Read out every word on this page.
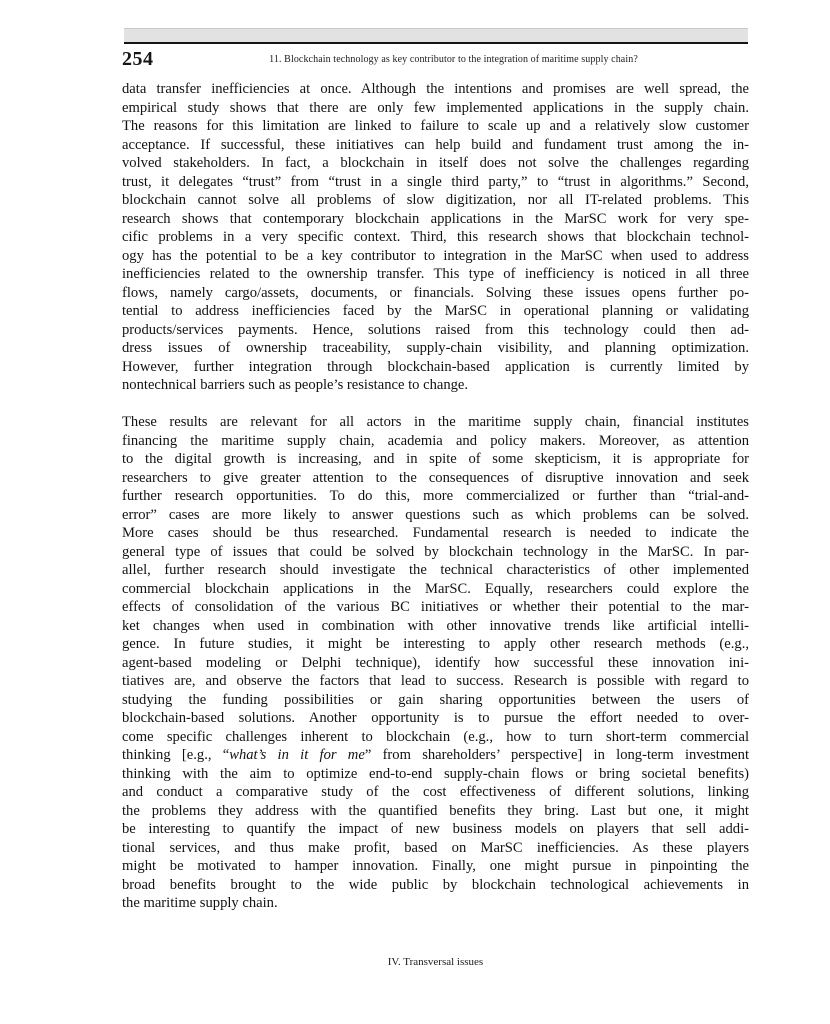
254	11. Blockchain technology as key contributor to the integration of maritime supply chain?
data transfer inefficiencies at once. Although the intentions and promises are well spread, the
empirical study shows that there are only few implemented applications in the supply chain.
The reasons for this limitation are linked to failure to scale up and a relatively slow customer
acceptance. If successful, these initiatives can help build and fundament trust among the in-
volved stakeholders. In fact, a blockchain in itself does not solve the challenges regarding
trust, it delegates “trust” from “trust in a single third party,” to “trust in algorithms.” Second,
blockchain cannot solve all problems of slow digitization, nor all IT-related problems. This
research shows that contemporary blockchain applications in the MarSC work for very spe-
cific problems in a very specific context. Third, this research shows that blockchain technol-
ogy has the potential to be a key contributor to integration in the MarSC when used to address
inefficiencies related to the ownership transfer. This type of inefficiency is noticed in all three
flows, namely cargo/assets, documents, or financials. Solving these issues opens further po-
tential to address inefficiencies faced by the MarSC in operational planning or validating
products/services payments. Hence, solutions raised from this technology could then ad-
dress issues of ownership traceability, supply-chain visibility, and planning optimization.
However, further integration through blockchain-based application is currently limited by
nontechnical barriers such as people’s resistance to change.
These results are relevant for all actors in the maritime supply chain, financial institutes
financing the maritime supply chain, academia and policy makers. Moreover, as attention
to the digital growth is increasing, and in spite of some skepticism, it is appropriate for
researchers to give greater attention to the consequences of disruptive innovation and seek
further research opportunities. To do this, more commercialized or further than “trial-and-
error” cases are more likely to answer questions such as which problems can be solved.
More cases should be thus researched. Fundamental research is needed to indicate the
general type of issues that could be solved by blockchain technology in the MarSC. In par-
allel, further research should investigate the technical characteristics of other implemented
commercial blockchain applications in the MarSC. Equally, researchers could explore the
effects of consolidation of the various BC initiatives or whether their potential to the mar-
ket changes when used in combination with other innovative trends like artificial intelli-
gence. In future studies, it might be interesting to apply other research methods (e.g.,
agent-based modeling or Delphi technique), identify how successful these innovation ini-
tiatives are, and observe the factors that lead to success. Research is possible with regard to
studying the funding possibilities or gain sharing opportunities between the users of
blockchain-based solutions. Another opportunity is to pursue the effort needed to over-
come specific challenges inherent to blockchain (e.g., how to turn short-term commercial
thinking [e.g., “what’s in it for me” from shareholders’ perspective] in long-term investment
thinking with the aim to optimize end-to-end supply-chain flows or bring societal benefits)
and conduct a comparative study of the cost effectiveness of different solutions, linking
the problems they address with the quantified benefits they bring. Last but one, it might
be interesting to quantify the impact of new business models on players that sell addi-
tional services, and thus make profit, based on MarSC inefficiencies. As these players
might be motivated to hamper innovation. Finally, one might pursue in pinpointing the
broad benefits brought to the wide public by blockchain technological achievements in
the maritime supply chain.
IV. Transversal issues
